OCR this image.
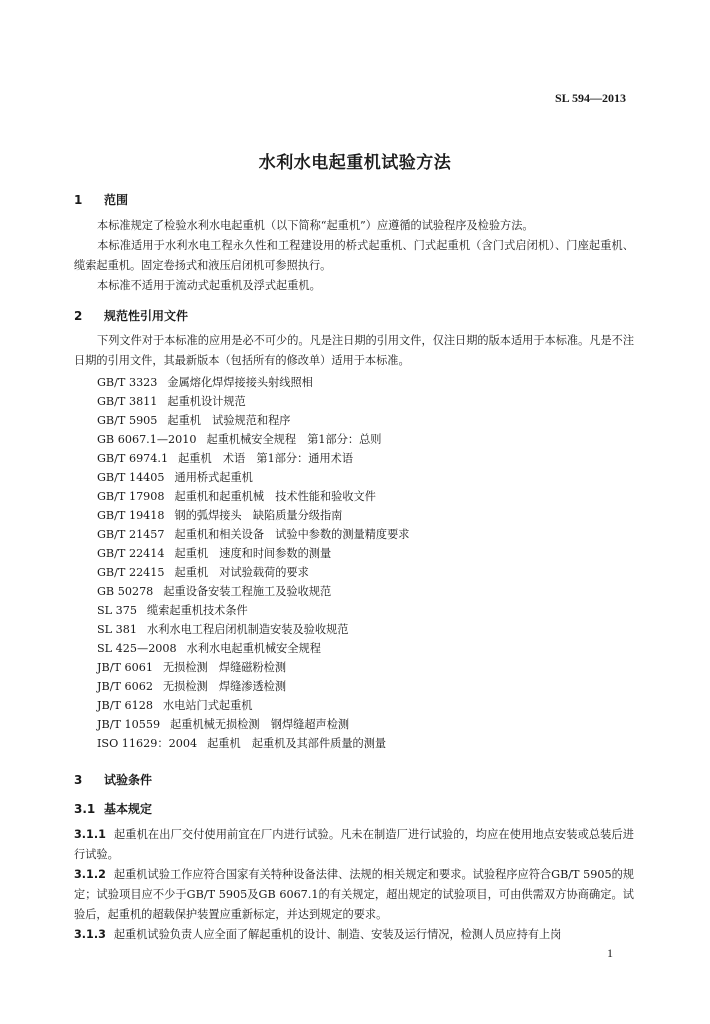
SL 594—2013
水利水电起重机试验方法
1 范围
本标准规定了检验水利水电起重机（以下简称“起重机”）应遵循的试验程序及检验方法。
本标准适用于水利水电工程永久性和工程建设用的桥式起重机、门式起重机（含门式启闭机）、门座起重机、缆索起重机。固定卷扬式和液压启闭机可参照执行。
本标准不适用于流动式起重机及浮式起重机。
2 规范性引用文件
下列文件对于本标准的应用是必不可少的。凡是注日期的引用文件，仅注日期的版本适用于本标准。凡是不注日期的引用文件，其最新版本（包括所有的修改单）适用于本标准。
GB/T 3323 金属熔化焊焊接接头射线照相
GB/T 3811 起重机设计规范
GB/T 5905 起重机　试验规范和程序
GB 6067.1—2010 起重机械安全规程　第1部分：总则
GB/T 6974.1 起重机　术语　第1部分：通用术语
GB/T 14405 通用桥式起重机
GB/T 17908 起重机和起重机械　技术性能和验收文件
GB/T 19418 钢的弧焊接头　缺陷质量分级指南
GB/T 21457 起重机和相关设备　试验中参数的测量精度要求
GB/T 22414 起重机　速度和时间参数的测量
GB/T 22415 起重机　对试验载荷的要求
GB 50278 起重设备安装工程施工及验收规范
SL 375 缆索起重机技术条件
SL 381 水利水电工程启闭机制造安装及验收规范
SL 425—2008 水利水电起重机械安全规程
JB/T 6061 无损检测　焊缝磁粉检测
JB/T 6062 无损检测　焊缝渗透检测
JB/T 6128 水电站门式起重机
JB/T 10559 起重机械无损检测　钢焊缝超声检测
ISO 11629：2004 起重机　起重机及其部件质量的测量
3 试验条件
3.1 基本规定
3.1.1 起重机在出厂交付使用前宜在厂内进行试验。凡未在制造厂进行试验的，均应在使用地点安装或总装后进行试验。
3.1.2 起重机试验工作应符合国家有关特种设备法律、法规的相关规定和要求。试验程序应符合GB/T 5905的规定；试验项目应不少于GB/T 5905及GB 6067.1的有关规定，超出规定的试验项目，可由供需双方协商确定。试验后，起重机的超载保护装置应重新标定，并达到规定的要求。
3.1.3 起重机试验负责人应全面了解起重机的设计、制造、安装及运行情况，检测人员应持有上岗
1
